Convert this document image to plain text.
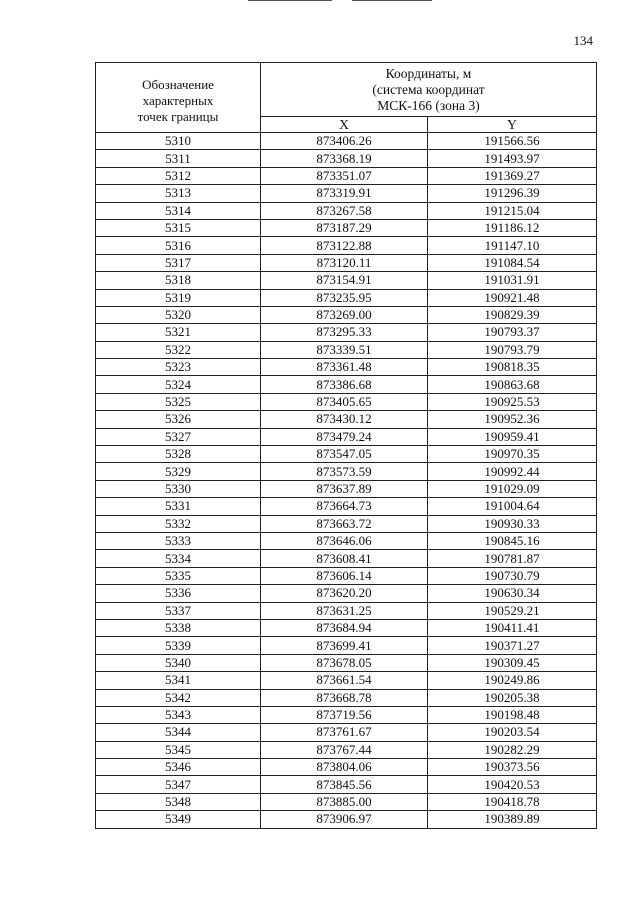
134
Обозначение
характерных
точек границы	Координаты, м
(система координат
МСК-166 (зона 3)	

	X	Y
5310	873406.26	191566.56
5311	873368.19	191493.97
5312	873351.07	191369.27
5313	873319.91	191296.39
5314	873267.58	191215.04
5315	873187.29	191186.12
5316	873122.88	191147.10
5317	873120.11	191084.54
5318	873154.91	191031.91
5319	873235.95	190921.48
5320	873269.00	190829.39
5321	873295.33	190793.37
5322	873339.51	190793.79
5323	873361.48	190818.35
5324	873386.68	190863.68
5325	873405.65	190925.53
5326	873430.12	190952.36
5327	873479.24	190959.41
5328	873547.05	190970.35
5329	873573.59	190992.44
5330	873637.89	191029.09
5331	873664.73	191004.64
5332	873663.72	190930.33
5333	873646.06	190845.16
5334	873608.41	190781.87
5335	873606.14	190730.79
5336	873620.20	190630.34
5337	873631.25	190529.21
5338	873684.94	190411.41
5339	873699.41	190371.27
5340	873678.05	190309.45
5341	873661.54	190249.86
5342	873668.78	190205.38
5343	873719.56	190198.48
5344	873761.67	190203.54
5345	873767.44	190282.29
5346	873804.06	190373.56
5347	873845.56	190420.53
5348	873885.00	190418.78
5349	873906.97	190389.89
